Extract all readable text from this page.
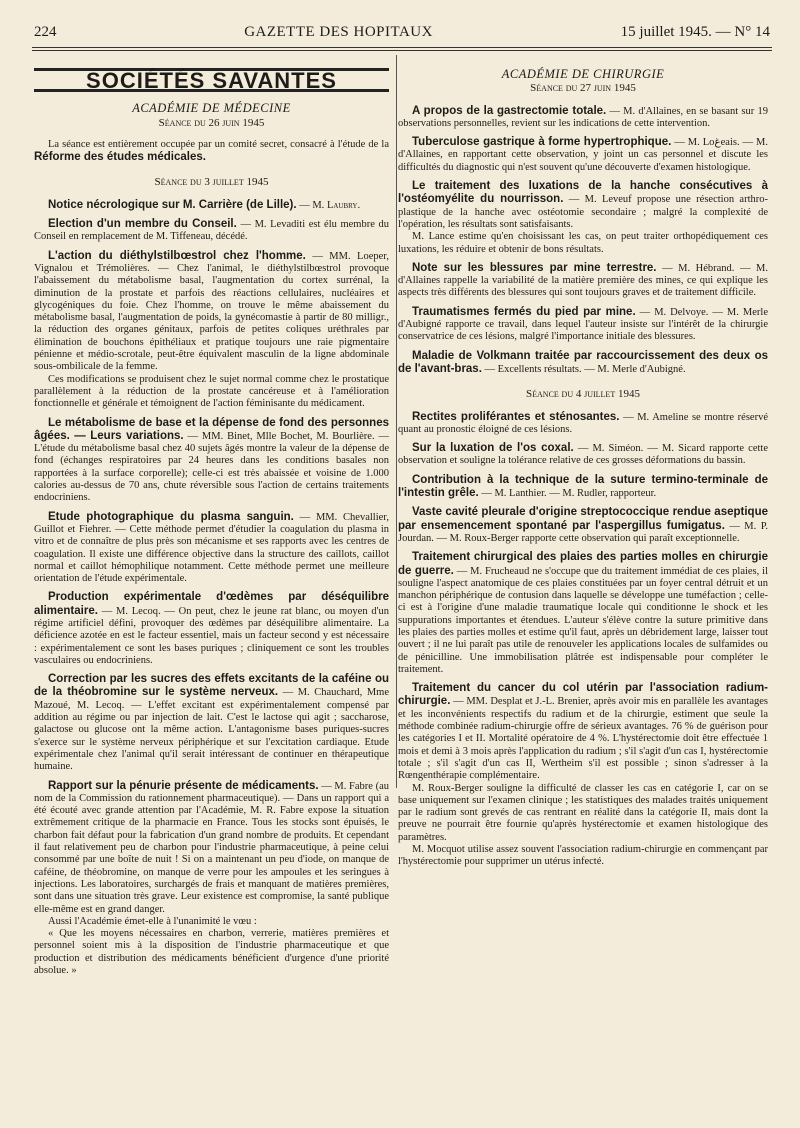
224	GAZETTE DES HOPITAUX	15 juillet 1945. — N° 14
SOCIÉTÉS SAVANTES
ACADÉMIE DE MÉDECINE
Séance du 26 juin 1945

La séance est entièrement occupée par un comité secret, consacré à l'étude de la Réforme des études médicales.

Séance du 3 juillet 1945

Notice nécrologique sur M. Carrière (de Lille). — M. Laubry.

Election d'un membre du Conseil. — M. Levaditi est élu membre du Conseil en remplacement de M. Tiffeneau, décédé.

L'action du diéthylstilbœstrol chez l'homme. — MM. Loeper, Vignalou et Trémolières. — Chez l'animal, le diéthylstilbœstrol provoque l'abaissement du métabolisme basal, l'augmentation du cortex surrénal, la diminution de la prostate et parfois des réactions cellulaires, nucléaires et glycogéniques du foie. Chez l'homme, on trouve le même abaissement du métabolisme basal, l'augmentation de poids, la gynécomastie à partir de 80 milligr., la réduction des organes génitaux, parfois de petites coliques uréthrales par élimination de bouchons épithéliaux et pratique toujours une raie pigmentaire pénienne et médio-scrotale, peut-être équivalent masculin de la ligne abdominale sous-ombilicale de la femme.

Ces modifications se produisent chez le sujet normal comme chez le prostatique parallèlement à la réduction de la prostate cancéreuse et à l'amélioration fonctionnelle et générale et témoignent de l'action féminisante du médicament.

Le métabolisme de base et la dépense de fond des personnes âgées. — Leurs variations. — MM. Binet, Mlle Bochet, M. Bourlière. — L'étude du métabolisme basal chez 40 sujets âgés montre la valeur de la dépense de fond (échanges respiratoires par 24 heures dans les conditions basales non rapportées à la surface corporelle); celle-ci est très abaissée et voisine de 1.000 calories au-dessus de 70 ans, chute réversible sous l'action de certains traitements endocriniens.

Etude photographique du plasma sanguin. — MM. Chevallier, Guillot et Fiehrer. — Cette méthode permet d'étudier la coagulation du plasma in vitro et de connaître de plus près son mécanisme et ses rapports avec les centres de coagulation. Il existe une différence objective dans la structure des caillots, caillot normal et caillot hémophilique notamment. Cette méthode permet une meilleure orientation de l'étude expérimentale.

Production expérimentale d'œdèmes par déséquilibre alimentaire. — M. Lecoq. — On peut, chez le jeune rat blanc, ou moyen d'un régime artificiel défini, provoquer des œdèmes par déséquilibre alimentaire. La déficience azotée en est le facteur essentiel, mais un facteur second y est nécessaire : expérimentalement ce sont les bases puriques ; cliniquement ce sont les troubles vasculaires ou endocriniens.

Correction par les sucres des effets excitants de la caféine ou de la théobromine sur le système nerveux. — M. Chauchard, Mme Mazoué, M. Lecoq. — L'effet excitant est expérimentalement compensé par addition au régime ou par injection de lait. C'est le lactose qui agit ; saccharose, galactose ou glucose ont la même action. L'antagonisme bases puriques-sucres s'exerce sur le système nerveux périphérique et sur l'excitation cardiaque. Etude expérimentale chez l'animal qu'il serait intéressant de continuer en thérapeutique humaine.

Rapport sur la pénurie présente de médicaments. — M. Fabre (au nom de la Commission du rationnement pharmaceutique). — Dans un rapport qui a été écouté avec grande attention par l'Académie, M. R. Fabre expose la situation extrêmement critique de la pharmacie en France. Tous les stocks sont épuisés, le charbon fait défaut pour la fabrication d'un grand nombre de produits. Et cependant il faut relativement peu de charbon pour l'industrie pharmaceutique, à peine celui consommé par une boîte de nuit ! Si on a maintenant un peu d'iode, on manque de caféine, de théobromine, on manque de verre pour les ampoules et les seringues à injections. Les laboratoires, surchargés de frais et manquant de matières premières, sont dans une situation très grave. Leur existence est compromise, la santé publique elle-même est en grand danger.

Aussi l'Académie émet-elle à l'unanimité le vœu :

« Que les moyens nécessaires en charbon, verrerie, matières premières et personnel soient mis à la disposition de l'industrie pharmaceutique et que production et distribution des médicaments bénéficient d'urgence d'une priorité absolue. »

ACADÉMIE DE CHIRURGIE
Séance du 27 juin 1945

A propos de la gastrectomie totale. — M. d'Allaines, en se basant sur 19 observations personnelles, revient sur les indications de cette intervention.

Tuberculose gastrique à forme hypertrophique. — M. Loغeais. — M. d'Allaines, en rapportant cette observation, y joint un cas personnel et discute les difficultés du diagnostic qui n'est souvent qu'une découverte d'examen histologique.

Le traitement des luxations de la hanche consécutives à l'ostéomyélite du nourrisson. — M. Leveuf propose une résection arthro-plastique de la hanche avec ostéotomie secondaire ; malgré la complexité de l'opération, les résultats sont satisfaisants.

M. Lance estime qu'en choisissant les cas, on peut traiter orthopédiquement ces luxations, les réduire et obtenir de bons résultats.

Note sur les blessures par mine terrestre. — M. Hébrand. — M. d'Allaines rappelle la variabilité de la matière première des mines, ce qui explique les aspects très différents des blessures qui sont toujours graves et de traitement difficile.

Traumatismes fermés du pied par mine. — M. Delvoye. — M. Merle d'Aubigné rapporte ce travail, dans lequel l'auteur insiste sur l'intérêt de la chirurgie conservatrice de ces lésions, malgré l'importance initiale des blessures.

Maladie de Volkmann traitée par raccourcissement des deux os de l'avant-bras. — Excellents résultats. — M. Merle d'Aubigné.

Séance du 4 juillet 1945

Rectites proliférantes et sténosantes. — M. Ameline se montre réservé quant au pronostic éloigné de ces lésions.

Sur la luxation de l'os coxal. — M. Siméon. — M. Sicard rapporte cette observation et souligne la tolérance relative de ces grosses déformations du bassin.

Contribution à la technique de la suture termino-terminale de l'intestin grêle. — M. Lanthier. — M. Rudler, rapporteur.

Vaste cavité pleurale d'origine streptococcique rendue aseptique par ensemencement spontané par l'aspergillus fumigatus. — M. P. Jourdan. — M. Roux-Berger rapporte cette observation qui paraît exceptionnelle.

Traitement chirurgical des plaies des parties molles en chirurgie de guerre. — M. Frucheaud ne s'occupe que du traitement immédiat de ces plaies, il souligne l'aspect anatomique de ces plaies constituées par un foyer central détruit et un manchon périphérique de contusion dans laquelle se développe une tuméfaction ; celle-ci est à l'origine d'une maladie traumatique locale qui conditionne le shock et les suppurations importantes et étendues. L'auteur s'élève contre la suture primitive dans les plaies des parties molles et estime qu'il faut, après un débridement large, laisser tout ouvert ; il ne lui paraît pas utile de renouveler les applications locales de sulfamides ou de pénicilline. Une immobilisation plâtrée est indispensable pour compléter le traitement.

Traitement du cancer du col utérin par l'association radium-chirurgie. — MM. Desplat et J.-L. Brenier, après avoir mis en parallèle les avantages et les inconvénients respectifs du radium et de la chirurgie, estiment que seule la méthode combinée radium-chirurgie offre de sérieux avantages. 76 % de guérison pour les catégories I et II. Mortalité opératoire de 4 %. L'hystérectomie doit être effectuée 1 mois et demi à 3 mois après l'application du radium ; s'il s'agit d'un cas I, hystérectomie totale ; s'il s'agit d'un cas II, Wertheim s'il est possible ; sinon s'adresser à la Rœngenthérapie complémentaire.

M. Roux-Berger souligne la difficulté de classer les cas en catégorie I, car on se base uniquement sur l'examen clinique ; les statistiques des malades traités uniquement par le radium sont grevés de cas rentrant en réalité dans la catégorie II, mais dont la preuve ne pourrait être fournie qu'après hystérectomie et examen histologique des paramètres.

M. Mocquot utilise assez souvent l'association radium-chirurgie en commençant par l'hystérectomie pour supprimer un utérus infecté.
